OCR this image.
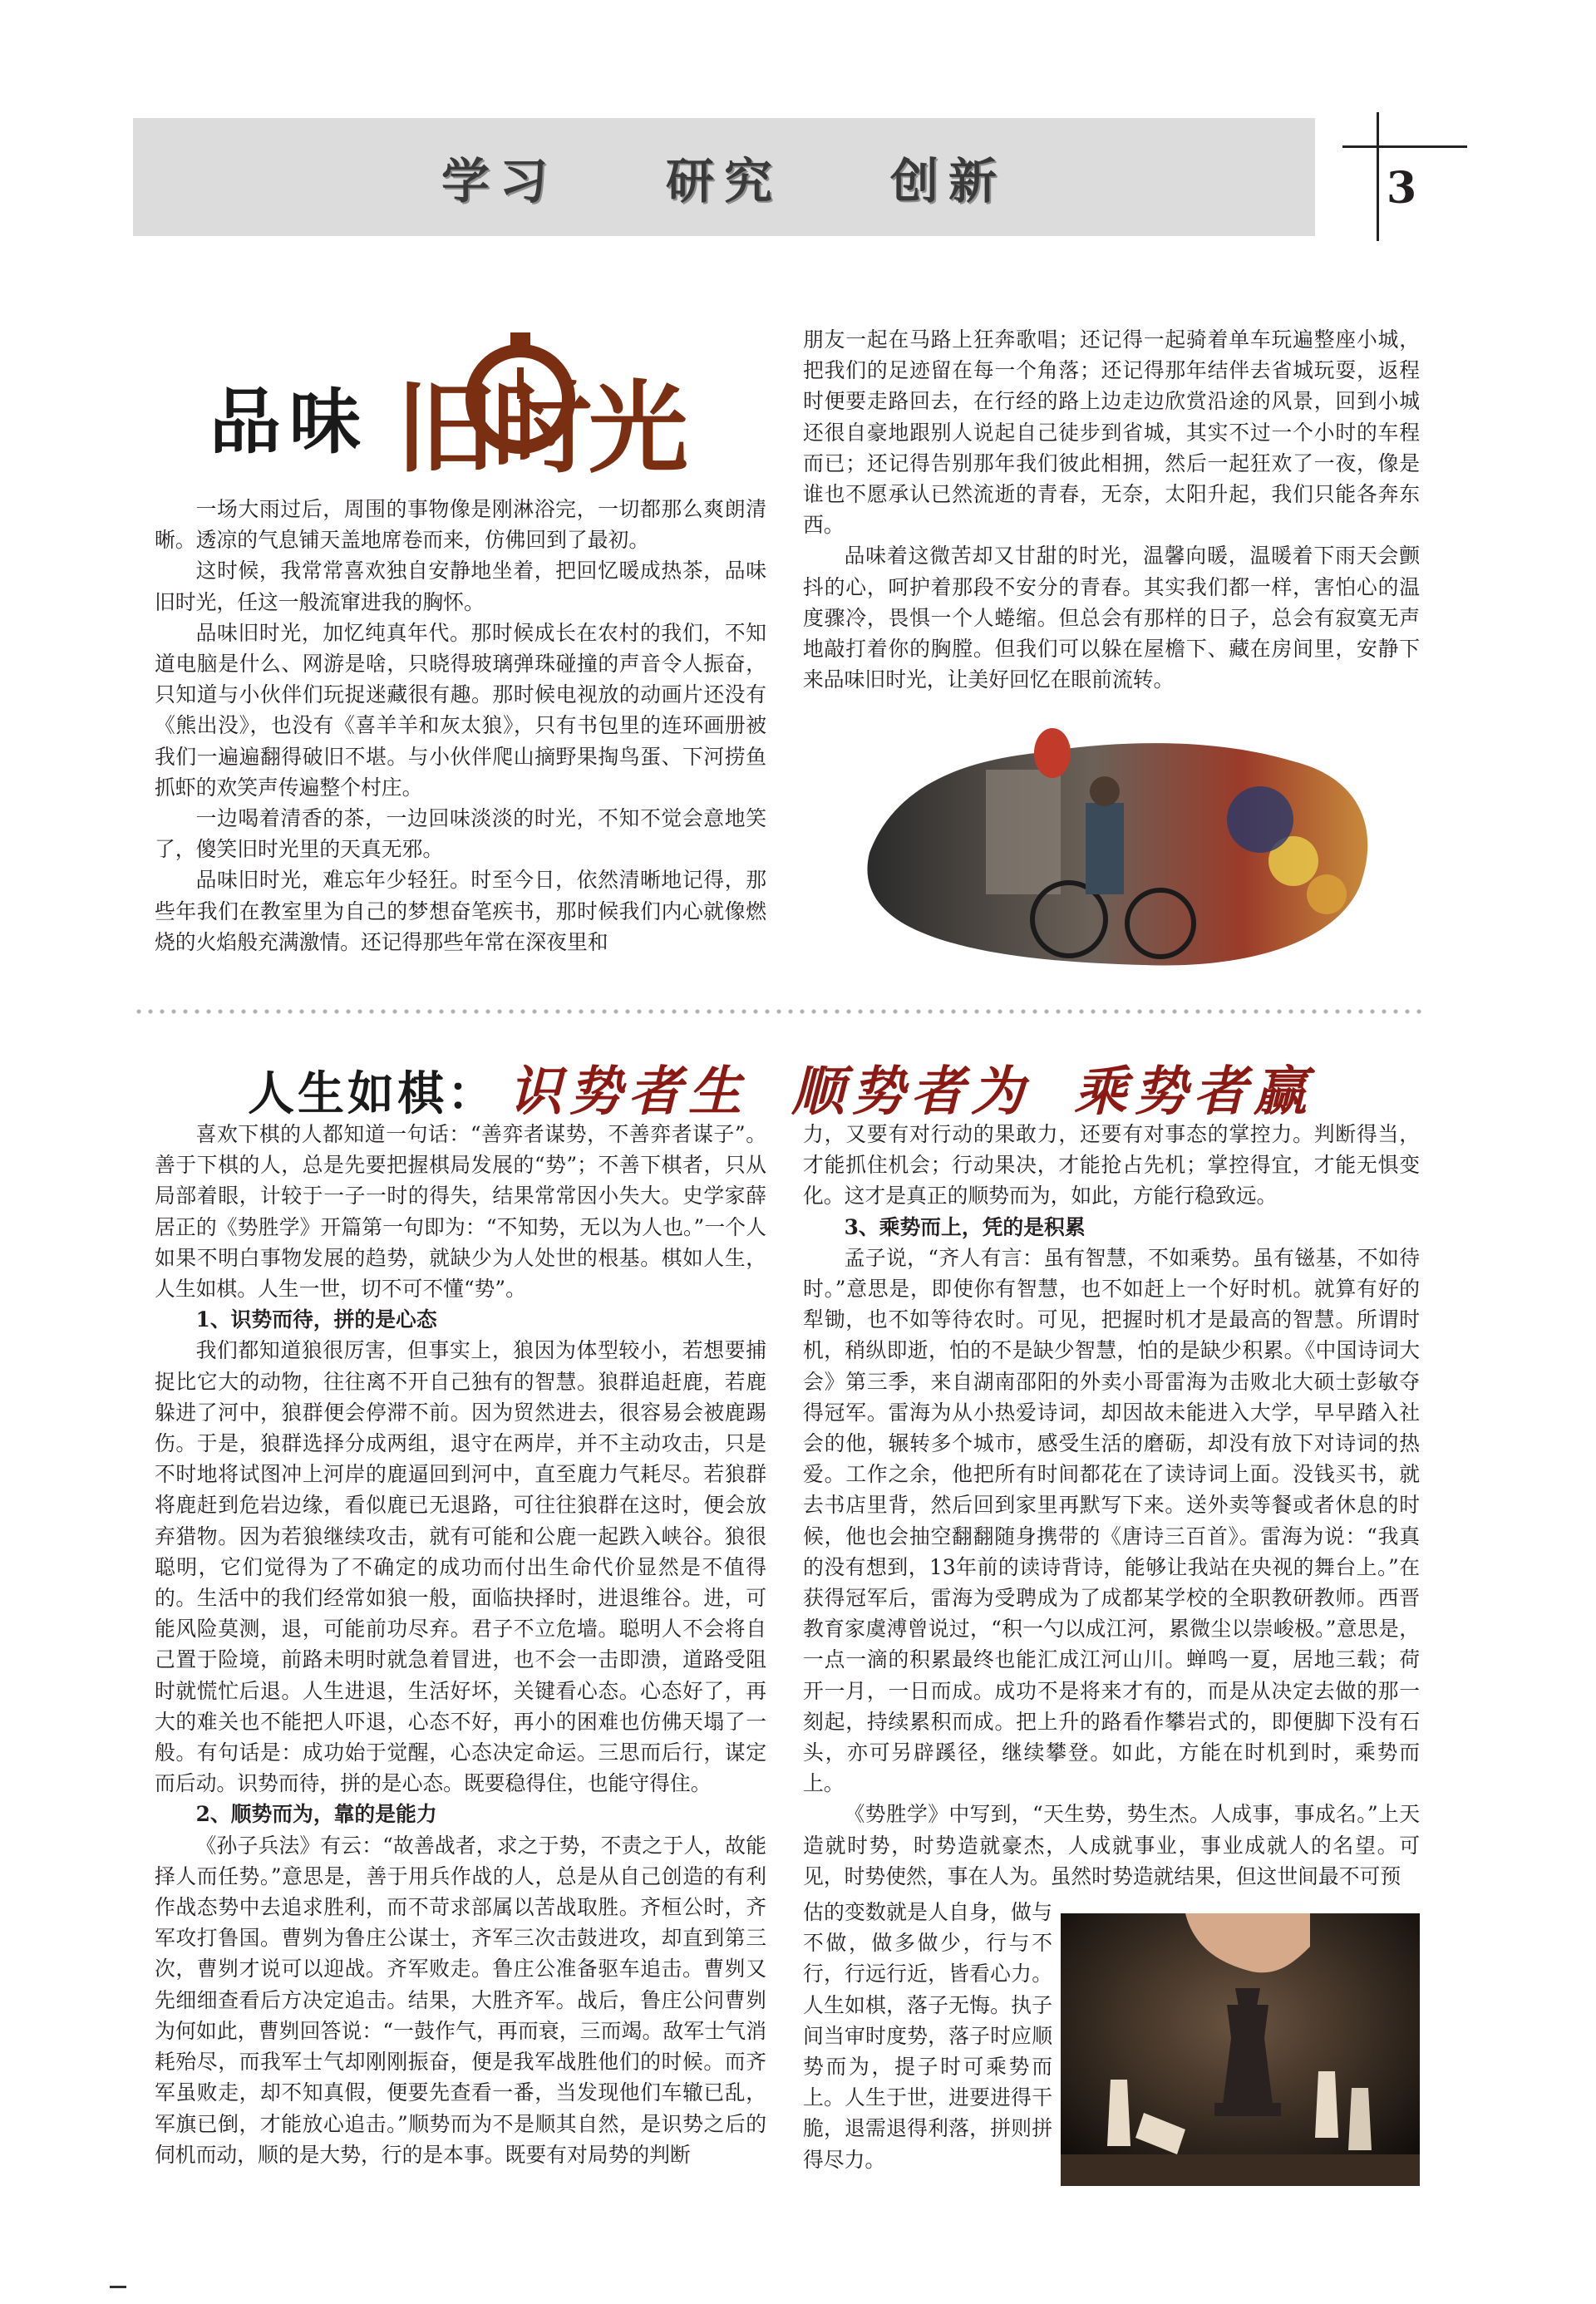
学习 研究 创新	3
品味 旧时光

一场大雨过后，周围的事物像是刚淋浴完，一切都那么爽朗清晰。透凉的气息铺天盖地席卷而来，仿佛回到了最初。

这时候，我常常喜欢独自安静地坐着，把回忆暖成热茶，品味旧时光，任这一般流窜进我的胸怀。

品味旧时光，加忆纯真年代。那时候成长在农村的我们，不知道电脑是什么、网游是啥，只晓得玻璃弹珠碰撞的声音令人振奋，只知道与小伙伴们玩捉迷藏很有趣。那时候电视放的动画片还没有《熊出没》，也没有《喜羊羊和灰太狼》，只有书包里的连环画册被我们一遍遍翻得破旧不堪。与小伙伴爬山摘野果掏鸟蛋、下河捞鱼抓虾的欢笑声传遍整个村庄。

一边喝着清香的茶，一边回味淡淡的时光，不知不觉会意地笑了，傻笑旧时光里的天真无邪。

品味旧时光，难忘年少轻狂。时至今日，依然清晰地记得，那些年我们在教室里为自己的梦想奋笔疾书，那时候我们内心就像燃烧的火焰般充满激情。还记得那些年常在深夜里和

朋友一起在马路上狂奔歌唱；还记得一起骑着单车玩遍整座小城，把我们的足迹留在每一个角落；还记得那年结伴去省城玩耍，返程时便要走路回去，在行经的路上边走边欣赏沿途的风景，回到小城还很自豪地跟别人说起自己徒步到省城，其实不过一个小时的车程而已；还记得告别那年我们彼此相拥，然后一起狂欢了一夜，像是谁也不愿承认已然流逝的青春，无奈，太阳升起，我们只能各奔东西。

品味着这微苦却又甘甜的时光，温馨向暖，温暖着下雨天会颤抖的心，呵护着那段不安分的青春。其实我们都一样，害怕心的温度骤冷，畏惧一个人蜷缩。但总会有那样的日子，总会有寂寞无声地敲打着你的胸膛。但我们可以躲在屋檐下、藏在房间里，安静下来品味旧时光，让美好回忆在眼前流转。

人生如棋： 识势者生 顺势者为 乘势者赢

喜欢下棋的人都知道一句话：“善弈者谋势，不善弈者谋子”。善于下棋的人，总是先要把握棋局发展的“势”；不善下棋者，只从局部着眼，计较于一子一时的得失，结果常常因小失大。史学家薛居正的《势胜学》开篇第一句即为：“不知势，无以为人也。”一个人如果不明白事物发展的趋势，就缺少为人处世的根基。棋如人生，人生如棋。人生一世，切不可不懂“势”。

1、识势而待，拼的是心态

我们都知道狼很厉害，但事实上，狼因为体型较小，若想要捕捉比它大的动物，往往离不开自己独有的智慧。狼群追赶鹿，若鹿躲进了河中，狼群便会停滞不前。因为贸然进去，很容易会被鹿踢伤。于是，狼群选择分成两组，退守在两岸，并不主动攻击，只是不时地将试图冲上河岸的鹿逼回到河中，直至鹿力气耗尽。若狼群将鹿赶到危岩边缘，看似鹿已无退路，可往往狼群在这时，便会放弃猎物。因为若狼继续攻击，就有可能和公鹿一起跌入峡谷。狼很聪明，它们觉得为了不确定的成功而付出生命代价显然是不值得的。生活中的我们经常如狼一般，面临抉择时，进退维谷。进，可能风险莫测，退，可能前功尽弃。君子不立危墙。聪明人不会将自己置于险境，前路未明时就急着冒进，也不会一击即溃，道路受阻时就慌忙后退。人生进退，生活好坏，关键看心态。心态好了，再大的难关也不能把人吓退，心态不好，再小的困难也仿佛天塌了一般。有句话是：成功始于觉醒，心态决定命运。三思而后行，谋定而后动。识势而待，拼的是心态。既要稳得住，也能守得住。

2、顺势而为，靠的是能力

《孙子兵法》有云：“故善战者，求之于势，不责之于人，故能择人而任势。”意思是，善于用兵作战的人，总是从自己创造的有利作战态势中去追求胜利，而不苛求部属以苦战取胜。齐桓公时，齐军攻打鲁国。曹刿为鲁庄公谋士，齐军三次击鼓进攻，却直到第三次，曹刿才说可以迎战。齐军败走。鲁庄公准备驱车追击。曹刿又先细细查看后方决定追击。结果，大胜齐军。战后，鲁庄公问曹刿为何如此，曹刿回答说：“一鼓作气，再而衰，三而竭。敌军士气消耗殆尽，而我军士气却刚刚振奋，便是我军战胜他们的时候。而齐军虽败走，却不知真假，便要先查看一番，当发现他们车辙已乱，军旗已倒，才能放心追击。”顺势而为不是顺其自然，是识势之后的伺机而动，顺的是大势，行的是本事。既要有对局势的判断

力，又要有对行动的果敢力，还要有对事态的掌控力。判断得当，才能抓住机会；行动果决，才能抢占先机；掌控得宜，才能无惧变化。这才是真正的顺势而为，如此，方能行稳致远。

3、乘势而上，凭的是积累

孟子说，“齐人有言：虽有智慧，不如乘势。虽有镃基，不如待时。”意思是，即使你有智慧，也不如赶上一个好时机。就算有好的犁锄，也不如等待农时。可见，把握时机才是最高的智慧。所谓时机，稍纵即逝，怕的不是缺少智慧，怕的是缺少积累。《中国诗词大会》第三季，来自湖南邵阳的外卖小哥雷海为击败北大硕士彭敏夺得冠军。雷海为从小热爱诗词，却因故未能进入大学，早早踏入社会的他，辗转多个城市，感受生活的磨砺，却没有放下对诗词的热爱。工作之余，他把所有时间都花在了读诗词上面。没钱买书，就去书店里背，然后回到家里再默写下来。送外卖等餐或者休息的时候，他也会抽空翻翻随身携带的《唐诗三百首》。雷海为说：“我真的没有想到，13年前的读诗背诗，能够让我站在央视的舞台上。”在获得冠军后，雷海为受聘成为了成都某学校的全职教研教师。西晋教育家虞溥曾说过，“积一勺以成江河，累微尘以崇峻极。”意思是，一点一滴的积累最终也能汇成江河山川。蝉鸣一夏，居地三载；荷开一月，一日而成。成功不是将来才有的，而是从决定去做的那一刻起，持续累积而成。把上升的路看作攀岩式的，即便脚下没有石头，亦可另辟蹊径，继续攀登。如此，方能在时机到时，乘势而上。

《势胜学》中写到，“天生势，势生杰。人成事，事成名。”上天造就时势，时势造就豪杰，人成就事业，事业成就人的名望。可见，时势使然，事在人为。虽然时势造就结果，但这世间最不可预

估的变数就是人自身，做与不做，做多做少，行与不行，行远行近，皆看心力。人生如棋，落子无悔。执子间当审时度势，落子时应顺势而为，提子时可乘势而上。人生于世，进要进得干脆，退需退得利落，拼则拼得尽力。
